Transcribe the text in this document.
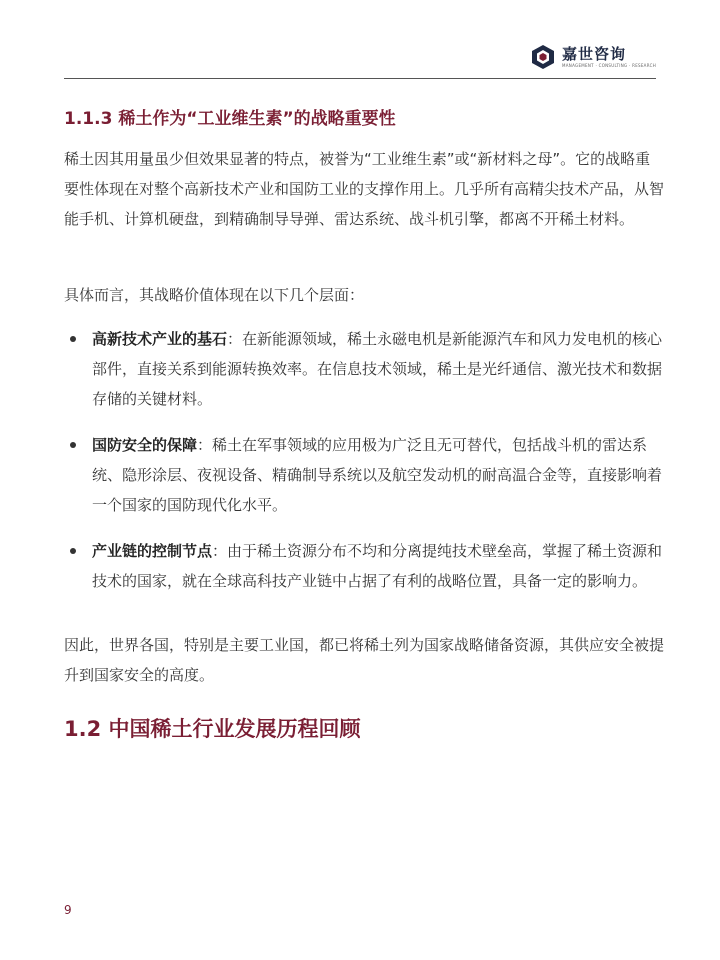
嘉世咨询
MANAGEMENT · CONSULTING · RESEARCH
1.1.3 稀土作为“工业维生素”的战略重要性

稀土因其用量虽少但效果显著的特点，被誉为“工业维生素”或“新材料之母”。它的战略重要性体现在对整个高新技术产业和国防工业的支撑作用上。几乎所有高精尖技术产品，从智能手机、计算机硬盘，到精确制导导弹、雷达系统、战斗机引擎，都离不开稀土材料。

具体而言，其战略价值体现在以下几个层面：

高新技术产业的基石：在新能源领域，稀土永磁电机是新能源汽车和风力发电机的核心部件，直接关系到能源转换效率。在信息技术领域，稀土是光纤通信、激光技术和数据存储的关键材料。
国防安全的保障：稀土在军事领域的应用极为广泛且无可替代，包括战斗机的雷达系统、隐形涂层、夜视设备、精确制导系统以及航空发动机的耐高温合金等，直接影响着一个国家的国防现代化水平。
产业链的控制节点：由于稀土资源分布不均和分离提纯技术壁垒高，掌握了稀土资源和技术的国家，就在全球高科技产业链中占据了有利的战略位置，具备一定的影响力。

因此，世界各国，特别是主要工业国，都已将稀土列为国家战略储备资源，其供应安全被提升到国家安全的高度。

1.2 中国稀土行业发展历程回顾
9
